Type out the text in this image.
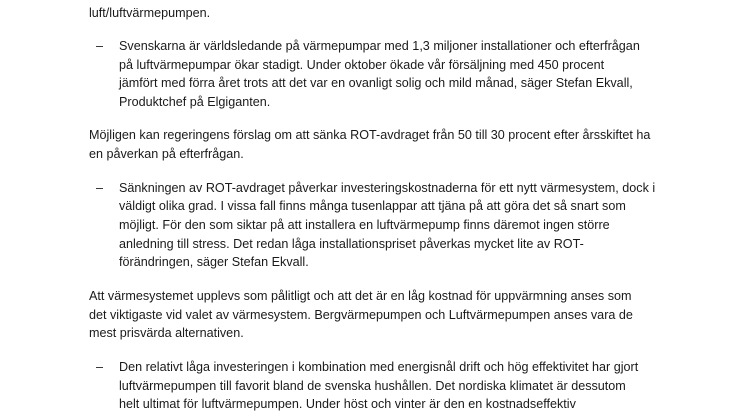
luft/luftvärmepumpen.
– Svenskarna är världsledande på värmepumpar med 1,3 miljoner installationer och efterfrågan
på luftvärmepumpar ökar stadigt. Under oktober ökade vår försäljning med 450 procent
jämfört med förra året trots att det var en ovanligt solig och mild månad, säger Stefan Ekvall,
Produktchef på Elgiganten.
Möjligen kan regeringens förslag om att sänka ROT-avdraget från 50 till 30 procent efter årsskiftet ha
en påverkan på efterfrågan.
– Sänkningen av ROT-avdraget påverkar investeringskostnaderna för ett nytt värmesystem, dock i
väldigt olika grad. I vissa fall finns många tusenlappar att tjäna på att göra det så snart som
möjligt. För den som siktar på att installera en luftvärmepump finns däremot ingen större
anledning till stress. Det redan låga installationspriset påverkas mycket lite av ROT-
förändringen, säger Stefan Ekvall.
Att värmesystemet upplevs som pålitligt och att det är en låg kostnad för uppvärmning anses som
det viktigaste vid valet av värmesystem. Bergvärmepumpen och Luftvärmepumpen anses vara de
mest prisvärda alternativen.
– Den relativt låga investeringen i kombination med energisnål drift och hög effektivitet har gjort
luftvärmepumpen till favorit bland de svenska hushållen. Det nordiska klimatet är dessutom
helt ultimat för luftvärmepumpen. Under höst och vinter är den en kostnadseffektiv
